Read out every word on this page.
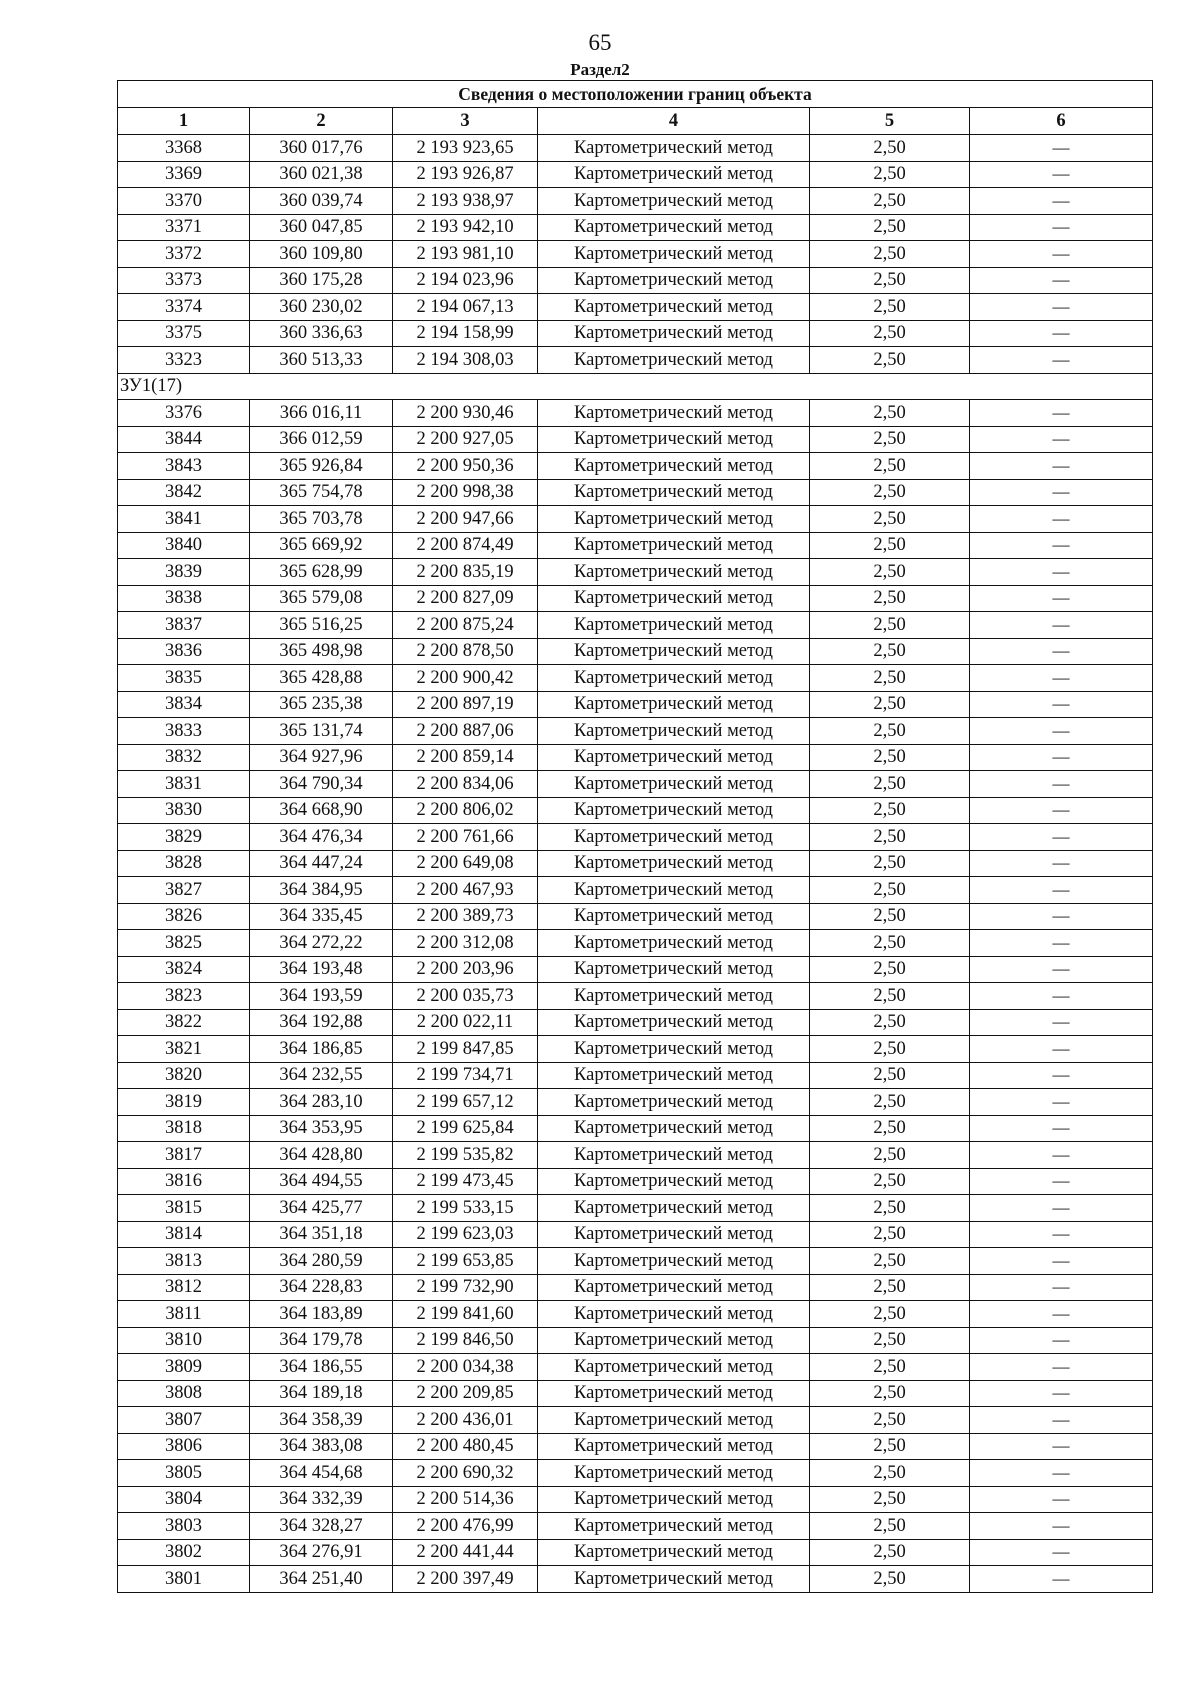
65
Раздел2
Сведения о местоположении границ объекта					
1	2	3	4	5	6
3368	360 017,76	2 193 923,65	Картометрический метод	2,50	—
3369	360 021,38	2 193 926,87	Картометрический метод	2,50	—
3370	360 039,74	2 193 938,97	Картометрический метод	2,50	—
3371	360 047,85	2 193 942,10	Картометрический метод	2,50	—
3372	360 109,80	2 193 981,10	Картометрический метод	2,50	—
3373	360 175,28	2 194 023,96	Картометрический метод	2,50	—
3374	360 230,02	2 194 067,13	Картометрический метод	2,50	—
3375	360 336,63	2 194 158,99	Картометрический метод	2,50	—
3323	360 513,33	2 194 308,03	Картометрический метод	2,50	—
ЗУ1(17)					
3376	366 016,11	2 200 930,46	Картометрический метод	2,50	—
3844	366 012,59	2 200 927,05	Картометрический метод	2,50	—
3843	365 926,84	2 200 950,36	Картометрический метод	2,50	—
3842	365 754,78	2 200 998,38	Картометрический метод	2,50	—
3841	365 703,78	2 200 947,66	Картометрический метод	2,50	—
3840	365 669,92	2 200 874,49	Картометрический метод	2,50	—
3839	365 628,99	2 200 835,19	Картометрический метод	2,50	—
3838	365 579,08	2 200 827,09	Картометрический метод	2,50	—
3837	365 516,25	2 200 875,24	Картометрический метод	2,50	—
3836	365 498,98	2 200 878,50	Картометрический метод	2,50	—
3835	365 428,88	2 200 900,42	Картометрический метод	2,50	—
3834	365 235,38	2 200 897,19	Картометрический метод	2,50	—
3833	365 131,74	2 200 887,06	Картометрический метод	2,50	—
3832	364 927,96	2 200 859,14	Картометрический метод	2,50	—
3831	364 790,34	2 200 834,06	Картометрический метод	2,50	—
3830	364 668,90	2 200 806,02	Картометрический метод	2,50	—
3829	364 476,34	2 200 761,66	Картометрический метод	2,50	—
3828	364 447,24	2 200 649,08	Картометрический метод	2,50	—
3827	364 384,95	2 200 467,93	Картометрический метод	2,50	—
3826	364 335,45	2 200 389,73	Картометрический метод	2,50	—
3825	364 272,22	2 200 312,08	Картометрический метод	2,50	—
3824	364 193,48	2 200 203,96	Картометрический метод	2,50	—
3823	364 193,59	2 200 035,73	Картометрический метод	2,50	—
3822	364 192,88	2 200 022,11	Картометрический метод	2,50	—
3821	364 186,85	2 199 847,85	Картометрический метод	2,50	—
3820	364 232,55	2 199 734,71	Картометрический метод	2,50	—
3819	364 283,10	2 199 657,12	Картометрический метод	2,50	—
3818	364 353,95	2 199 625,84	Картометрический метод	2,50	—
3817	364 428,80	2 199 535,82	Картометрический метод	2,50	—
3816	364 494,55	2 199 473,45	Картометрический метод	2,50	—
3815	364 425,77	2 199 533,15	Картометрический метод	2,50	—
3814	364 351,18	2 199 623,03	Картометрический метод	2,50	—
3813	364 280,59	2 199 653,85	Картометрический метод	2,50	—
3812	364 228,83	2 199 732,90	Картометрический метод	2,50	—
3811	364 183,89	2 199 841,60	Картометрический метод	2,50	—
3810	364 179,78	2 199 846,50	Картометрический метод	2,50	—
3809	364 186,55	2 200 034,38	Картометрический метод	2,50	—
3808	364 189,18	2 200 209,85	Картометрический метод	2,50	—
3807	364 358,39	2 200 436,01	Картометрический метод	2,50	—
3806	364 383,08	2 200 480,45	Картометрический метод	2,50	—
3805	364 454,68	2 200 690,32	Картометрический метод	2,50	—
3804	364 332,39	2 200 514,36	Картометрический метод	2,50	—
3803	364 328,27	2 200 476,99	Картометрический метод	2,50	—
3802	364 276,91	2 200 441,44	Картометрический метод	2,50	—
3801	364 251,40	2 200 397,49	Картометрический метод	2,50	—
